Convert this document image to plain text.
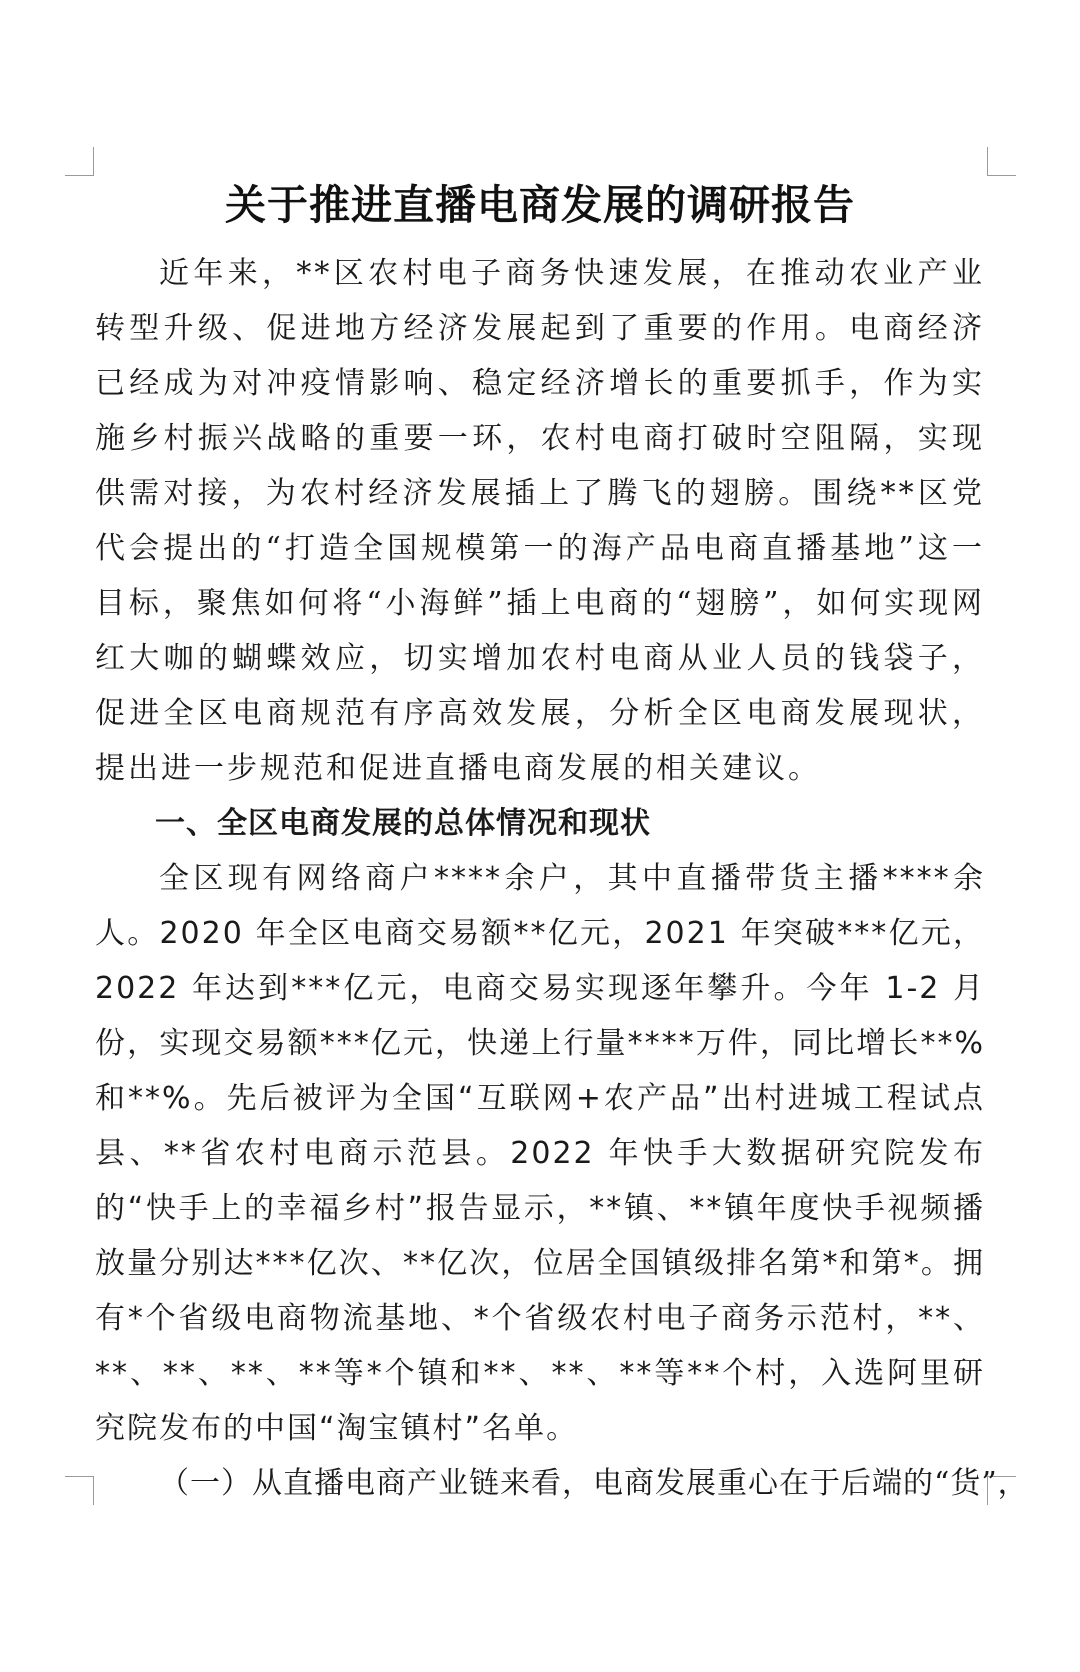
关于推进直播电商发展的调研报告

近年来，**区农村电子商务快速发展，在推动农业产业转型升级、促进地方经济发展起到了重要的作用。电商经济已经成为对冲疫情影响、稳定经济增长的重要抓手，作为实施乡村振兴战略的重要一环，农村电商打破时空阻隔，实现供需对接，为农村经济发展插上了腾飞的翅膀。围绕**区党代会提出的“打造全国规模第一的海产品电商直播基地”这一目标，聚焦如何将“小海鲜”插上电商的“翅膀”，如何实现网红大咖的蝴蝶效应，切实增加农村电商从业人员的钱袋子，促进全区电商规范有序高效发展，分析全区电商发展现状，提出进一步规范和促进直播电商发展的相关建议。

一、全区电商发展的总体情况和现状

全区现有网络商户****余户，其中直播带货主播****余人。2020 年全区电商交易额**亿元，2021 年突破***亿元，2022 年达到***亿元，电商交易实现逐年攀升。今年 1-2 月份，实现交易额***亿元，快递上行量****万件，同比增长**%和**%。先后被评为全国“互联网+农产品”出村进城工程试点县、**省农村电商示范县。2022 年快手大数据研究院发布的“快手上的幸福乡村”报告显示，**镇、**镇年度快手视频播放量分别达***亿次、**亿次，位居全国镇级排名第*和第*。拥有*个省级电商物流基地、*个省级农村电子商务示范村，**、**、**、**、**等*个镇和**、**、**等**个村，入选阿里研究院发布的中国“淘宝镇村”名单。

（一）从直播电商产业链来看，电商发展重心在于后端的“货”，
